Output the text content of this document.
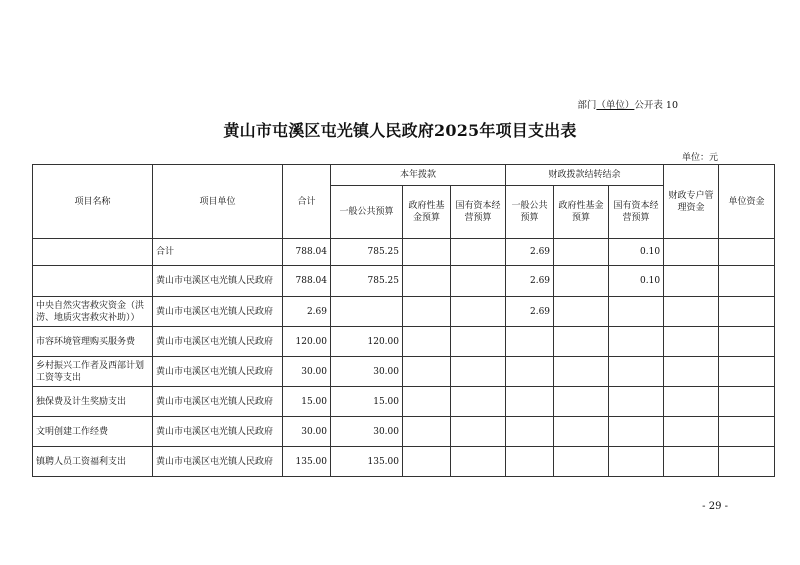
部门（单位）公开表 10
黄山市屯溪区屯光镇人民政府2025年项目支出表
单位：元
项目名称	项目单位	合计	本年拨款			财政拨款结转结余			财政专户管理资金	单位资金
			一般公共预算	政府性基金预算	国有资本经营预算	一般公共预算	政府性基金预算	国有资本经营预算		
	合计	788.04	785.25			2.69		0.10		
	黄山市屯溪区屯光镇人民政府	788.04	785.25			2.69		0.10		
中央自然灾害救灾资金（洪涝、地质灾害救灾补助））	黄山市屯溪区屯光镇人民政府	2.69				2.69				
市容环境管理购买服务费	黄山市屯溪区屯光镇人民政府	120.00	120.00							
乡村振兴工作者及西部计划工资等支出	黄山市屯溪区屯光镇人民政府	30.00	30.00							
独保费及计生奖励支出	黄山市屯溪区屯光镇人民政府	15.00	15.00							
文明创建工作经费	黄山市屯溪区屯光镇人民政府	30.00	30.00							
镇聘人员工资福利支出	黄山市屯溪区屯光镇人民政府	135.00	135.00							
- 29 -
